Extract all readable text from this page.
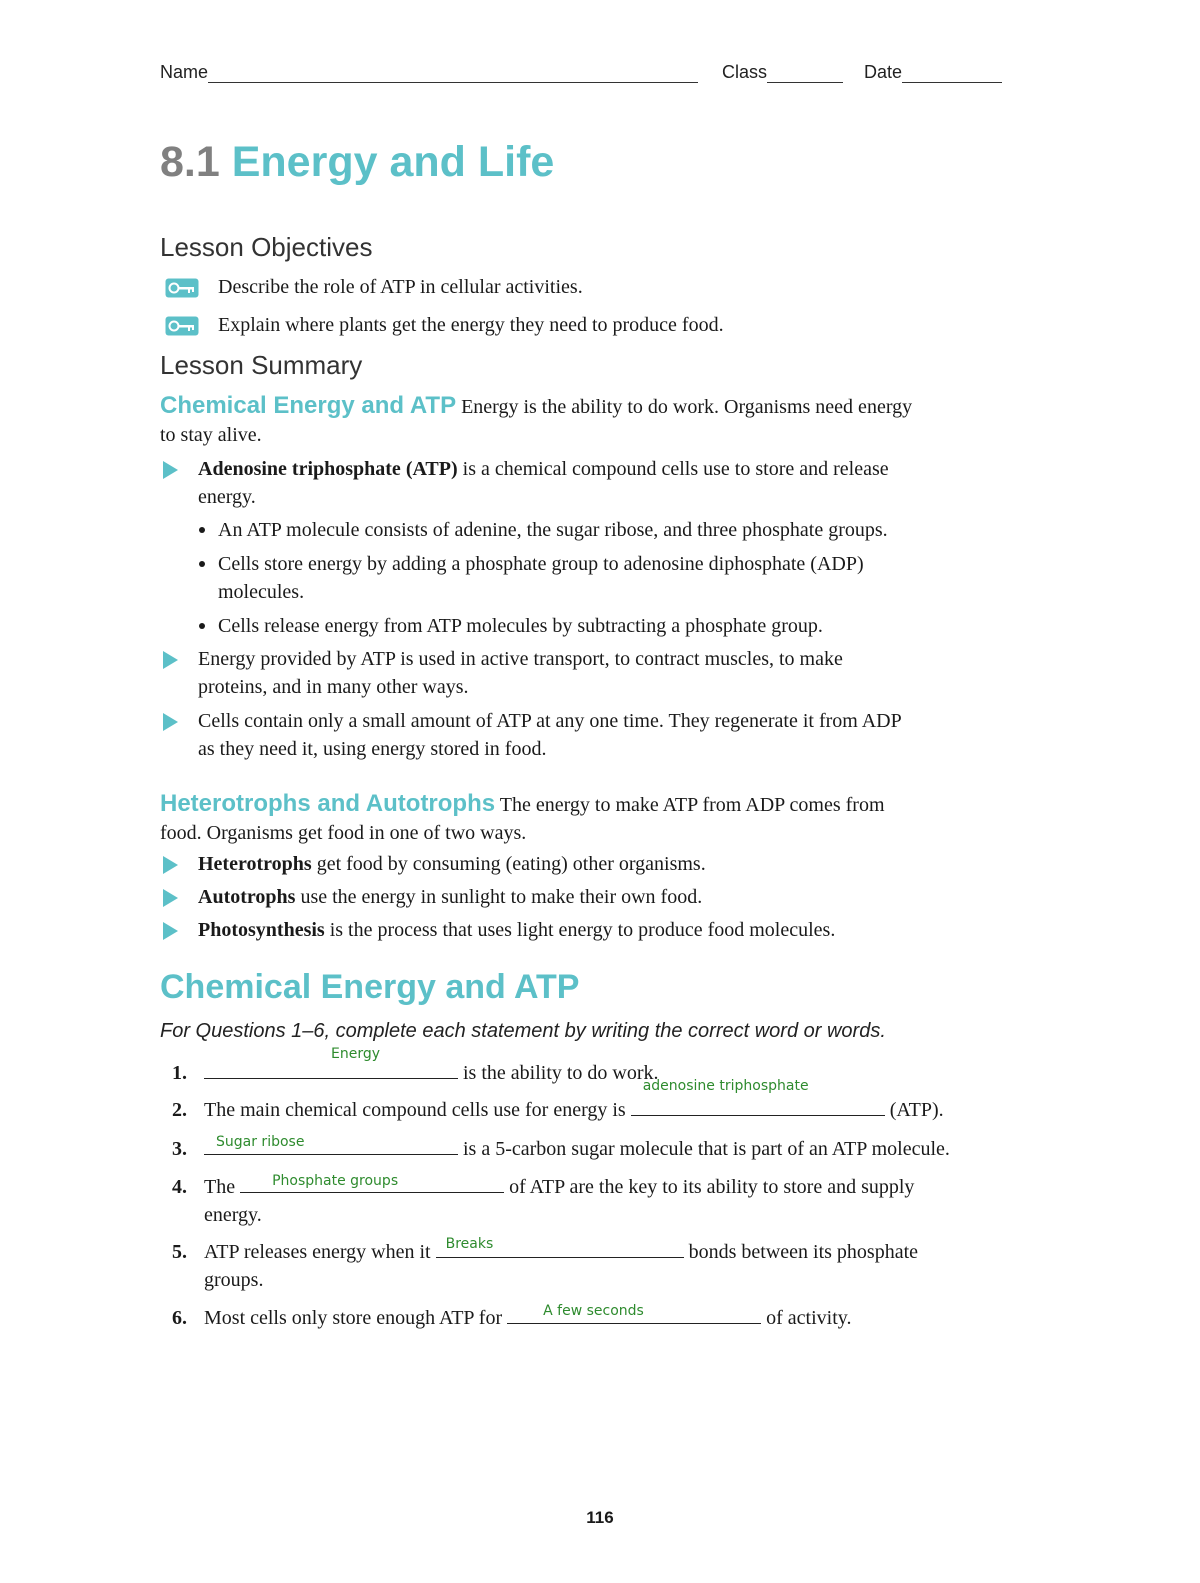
Name	Class	Date
8.1 Energy and Life
Lesson Objectives
Describe the role of ATP in cellular activities.
Explain where plants get the energy they need to produce food.
Lesson Summary
Chemical Energy and ATP Energy is the ability to do work. Organisms need energy
to stay alive.
Adenosine triphosphate (ATP) is a chemical compound cells use to store and release
energy.
An ATP molecule consists of adenine, the sugar ribose, and three phosphate groups.
Cells store energy by adding a phosphate group to adenosine diphosphate (ADP)
molecules.
Cells release energy from ATP molecules by subtracting a phosphate group.
Energy provided by ATP is used in active transport, to contract muscles, to make
proteins, and in many other ways.
Cells contain only a small amount of ATP at any one time. They regenerate it from ADP
as they need it, using energy stored in food.
Heterotrophs and Autotrophs The energy to make ATP from ADP comes from
food. Organisms get food in one of two ways.
Heterotrophs get food by consuming (eating) other organisms.
Autotrophs use the energy in sunlight to make their own food.
Photosynthesis is the process that uses light energy to produce food molecules.
Chemical Energy and ATP
For Questions 1–6, complete each statement by writing the correct word or words.
1.
Energy
is the ability to do work.
2. The main chemical compound cells use for energy is
adenosine triphosphate
(ATP).
3. Sugar ribose	is a 5-carbon sugar molecule that is part of an ATP molecule.
4. The Phosphate groups	of ATP are the key to its ability to store and supply
energy.
5. ATP releases energy when it Breaks	bonds between its phosphate
groups.
6. Most cells only store enough ATP for	A few seconds	of activity.
116
